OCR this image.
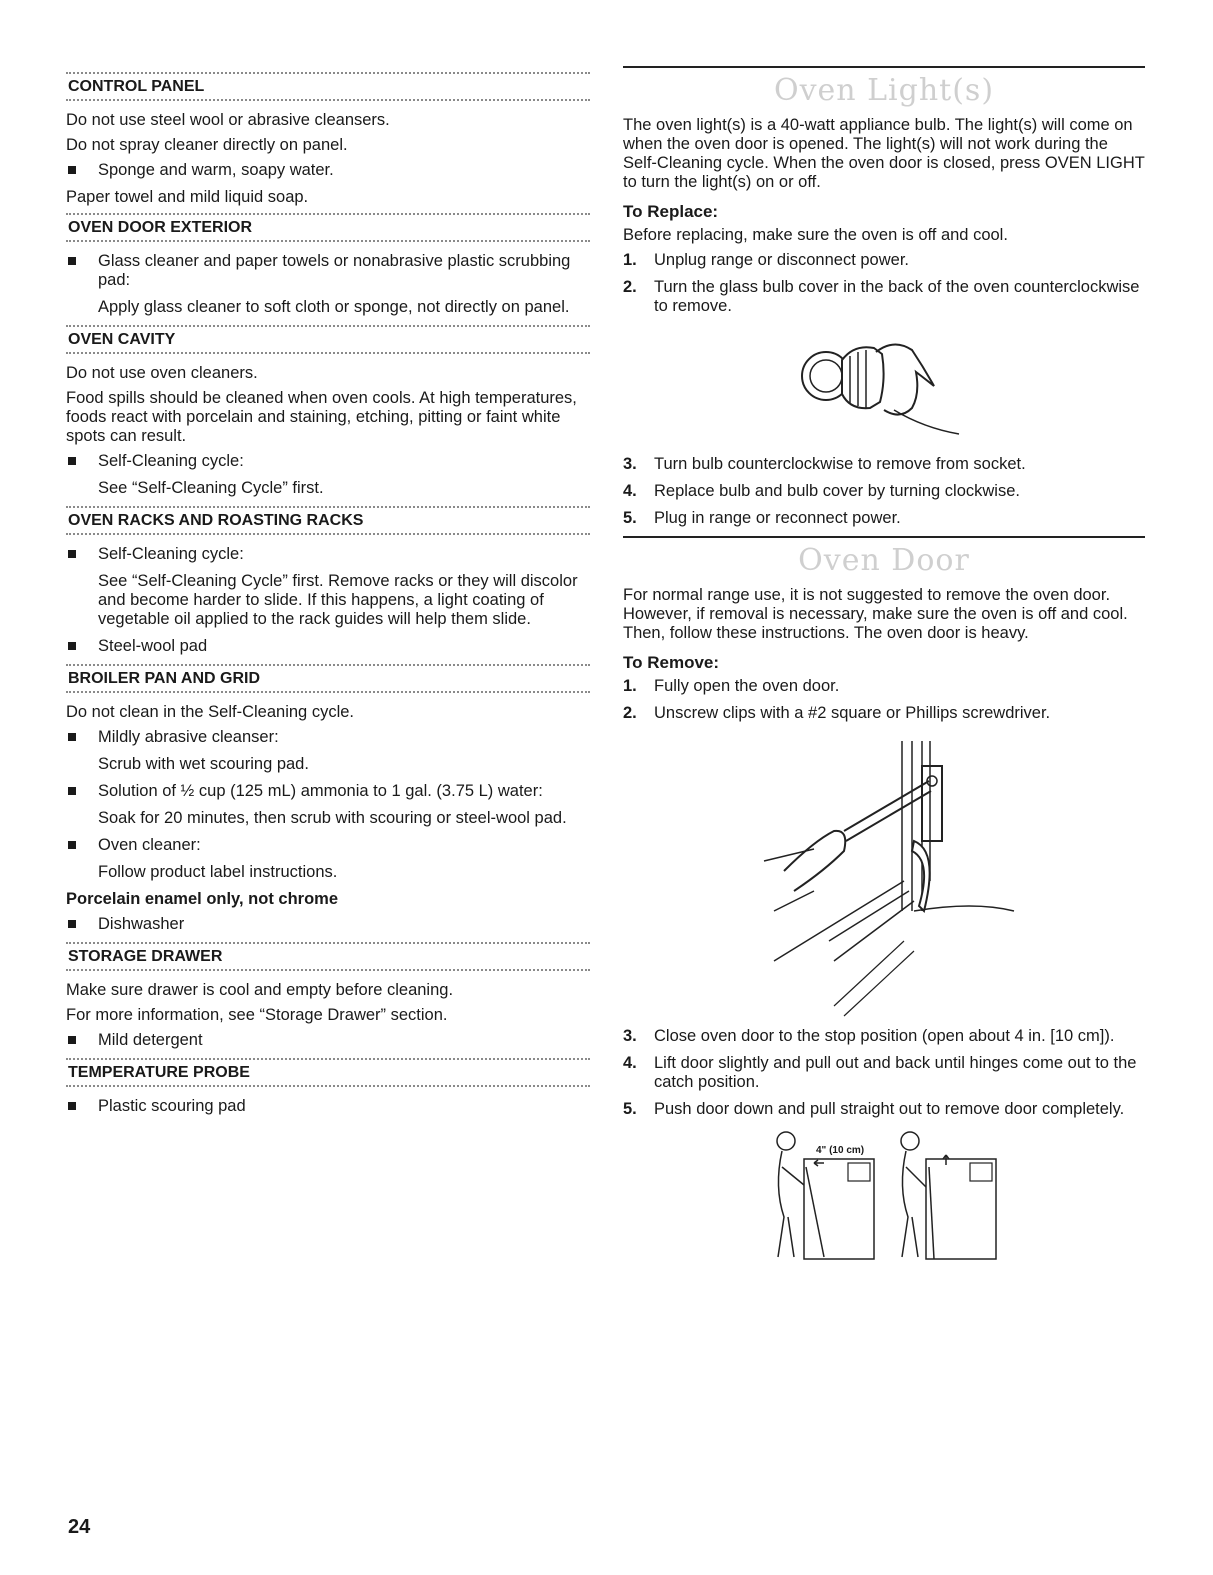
CONTROL PANEL

Do not use steel wool or abrasive cleansers.

Do not spray cleaner directly on panel.

Sponge and warm, soapy water.

Paper towel and mild liquid soap.

OVEN DOOR EXTERIOR
Glass cleaner and paper towels or nonabrasive plastic scrubbing pad:

Apply glass cleaner to soft cloth or sponge, not directly on panel.

OVEN CAVITY

Do not use oven cleaners.

Food spills should be cleaned when oven cools. At high temperatures, foods react with porcelain and staining, etching, pitting or faint white spots can result.

Self-Cleaning cycle:

See “Self-Cleaning Cycle” first.

OVEN RACKS AND ROASTING RACKS
Self-Cleaning cycle:

See “Self-Cleaning Cycle” first. Remove racks or they will discolor and become harder to slide. If this happens, a light coating of vegetable oil applied to the rack guides will help them slide.

Steel-wool pad
BROILER PAN AND GRID

Do not clean in the Self-Cleaning cycle.

Mildly abrasive cleanser:

Scrub with wet scouring pad.

Solution of ½ cup (125 mL) ammonia to 1 gal. (3.75 L) water:

Soak for 20 minutes, then scrub with scouring or steel-wool pad.

Oven cleaner:

Follow product label instructions.

Porcelain enamel only, not chrome

Dishwasher
STORAGE DRAWER

Make sure drawer is cool and empty before cleaning.

For more information, see “Storage Drawer” section.

Mild detergent
TEMPERATURE PROBE
Plastic scouring pad
Oven Light(s)

The oven light(s) is a 40-watt appliance bulb. The light(s) will come on when the oven door is opened. The light(s) will not work during the Self-Cleaning cycle. When the oven door is closed, press OVEN LIGHT to turn the light(s) on or off.

To Replace:

Before replacing, make sure the oven is off and cool.

1. Unplug range or disconnect power.
2. Turn the glass bulb cover in the back of the oven counterclockwise to remove.
3. Turn bulb counterclockwise to remove from socket.
4. Replace bulb and bulb cover by turning clockwise.
5. Plug in range or reconnect power.
Oven Door

For normal range use, it is not suggested to remove the oven door. However, if removal is necessary, make sure the oven is off and cool. Then, follow these instructions. The oven door is heavy.

To Remove:
1. Fully open the oven door.
2. Unscrew clips with a #2 square or Phillips screwdriver.
3. Close oven door to the stop position (open about 4 in. [10 cm]).
4. Lift door slightly and pull out and back until hinges come out to the catch position.
5. Push door down and pull straight out to remove door completely.
4" (10 cm)
24
